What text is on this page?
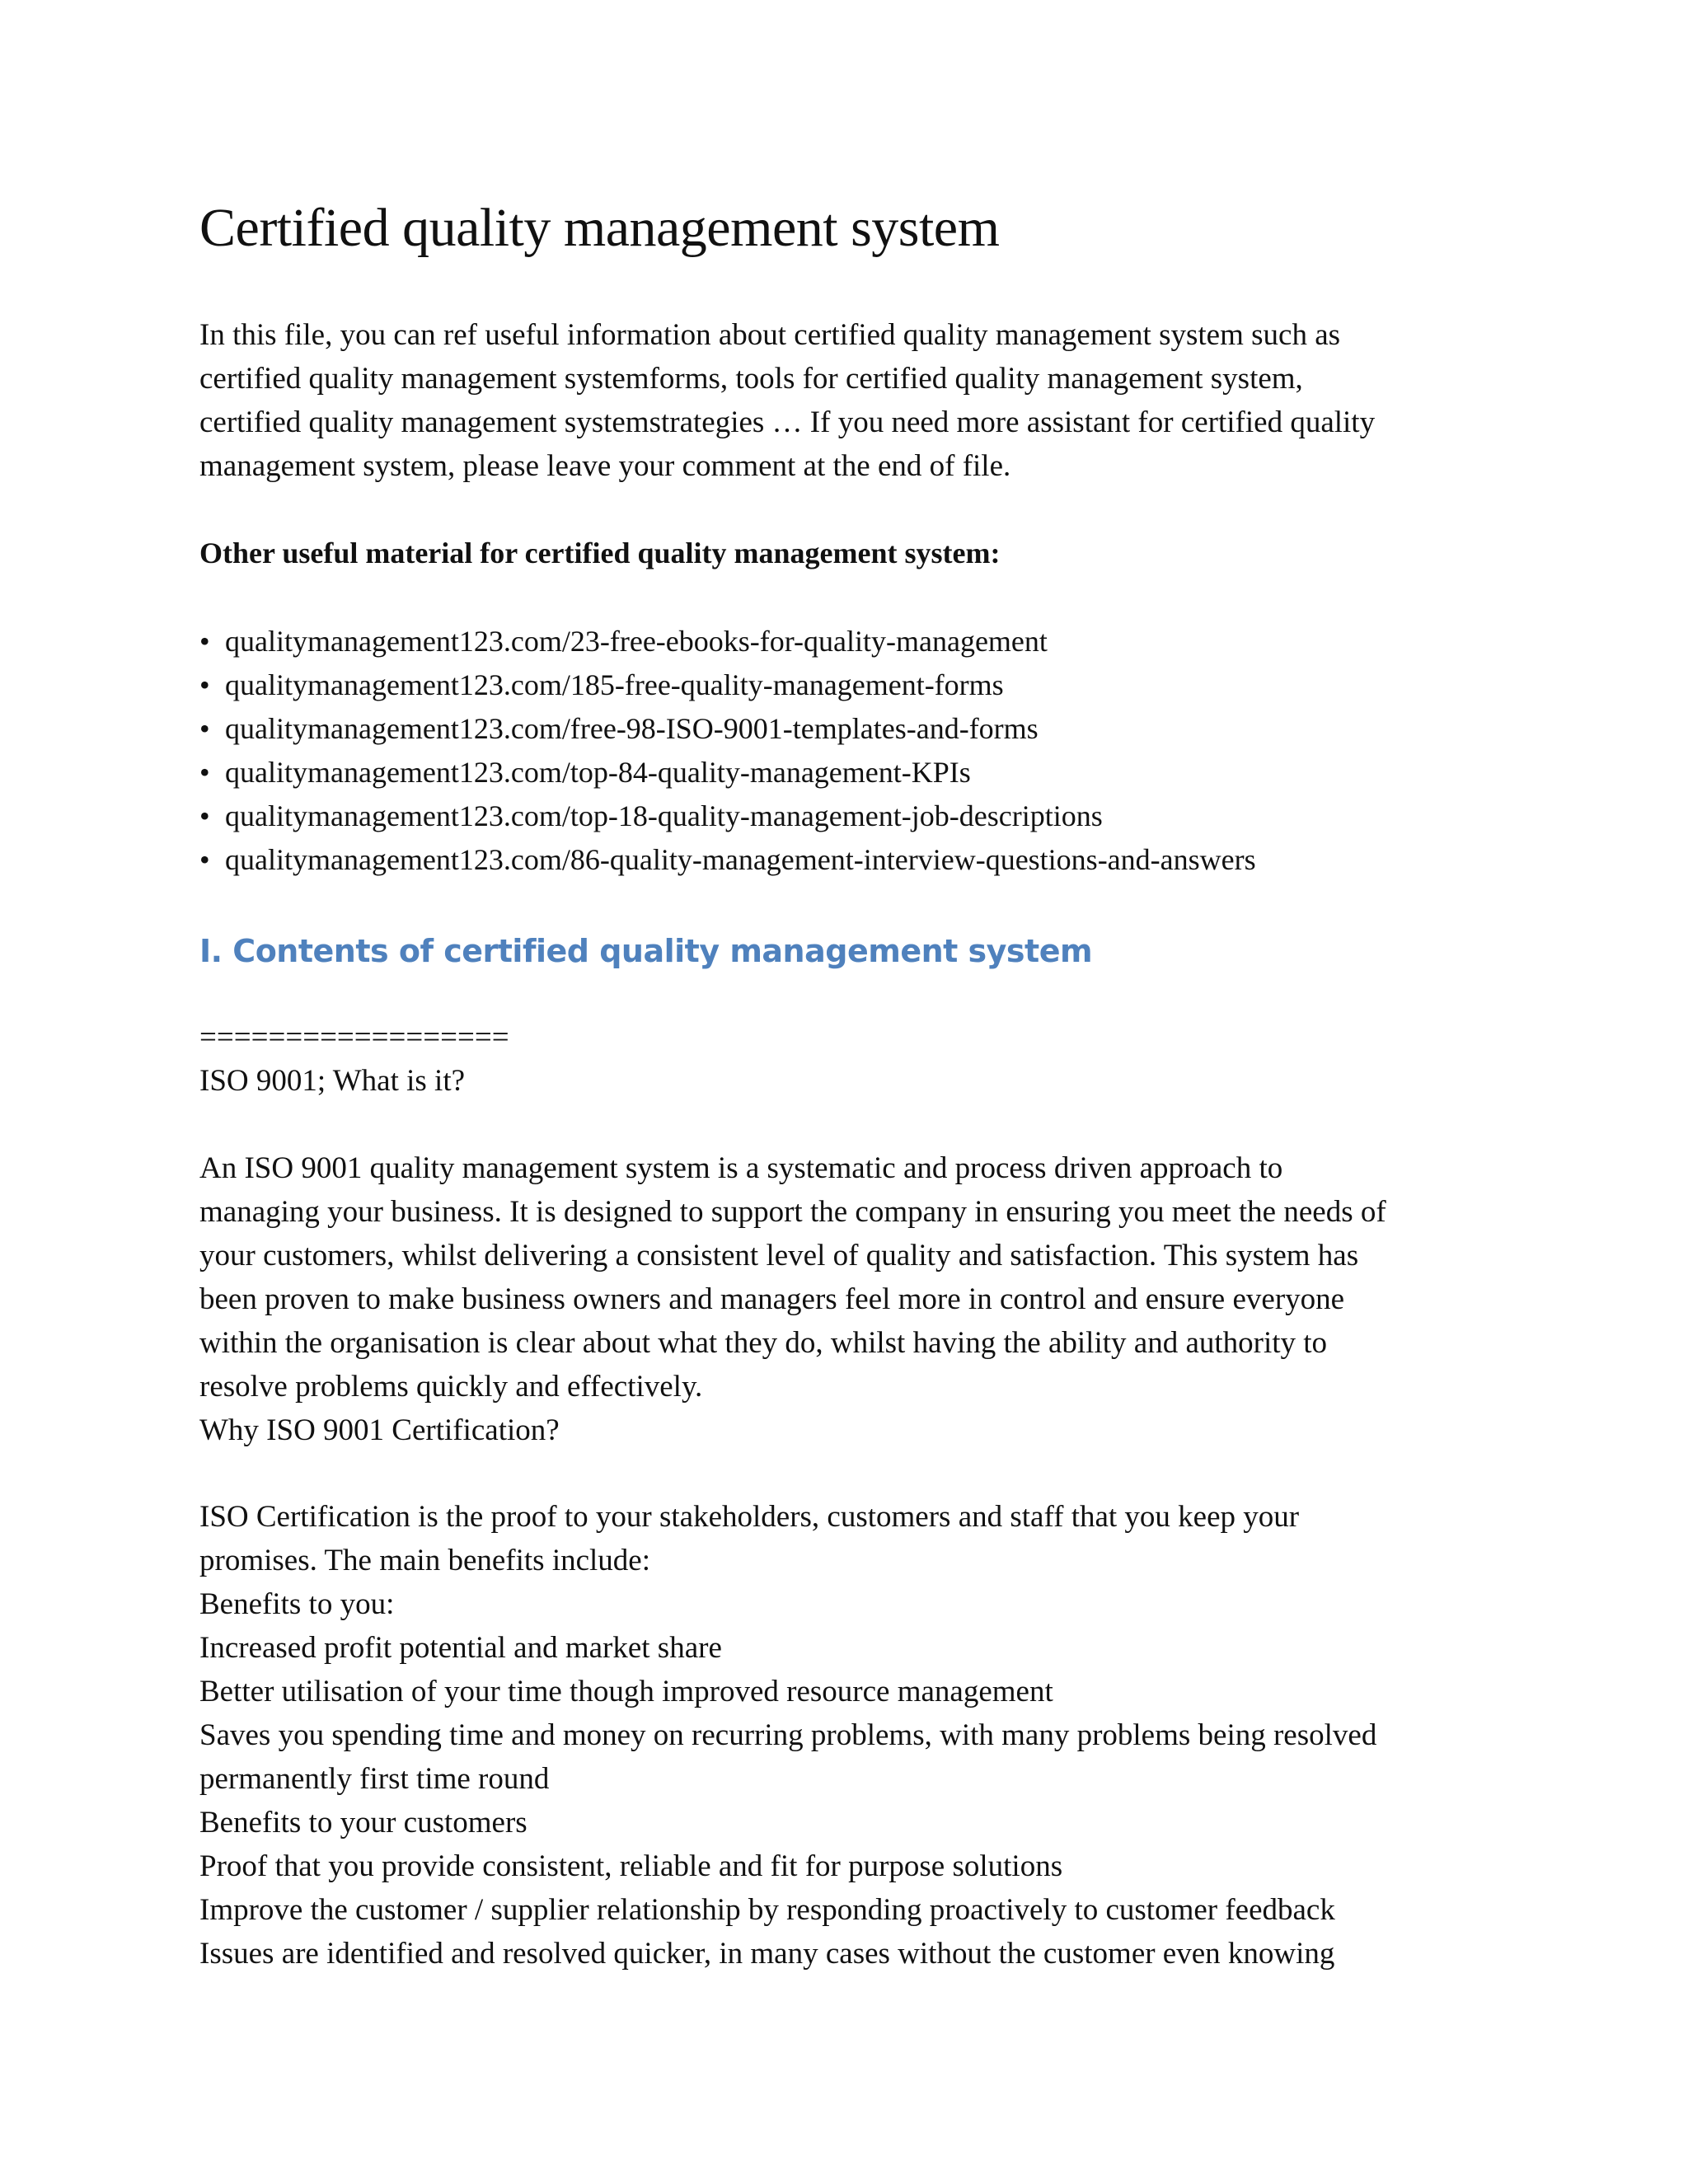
Certified quality management system
In this file, you can ref useful information about certified quality management system such as
certified quality management systemforms, tools for certified quality management system,
certified quality management systemstrategies … If you need more assistant for certified quality
management system, please leave your comment at the end of file.
Other useful material for certified quality management system:
• qualitymanagement123.com/23-free-ebooks-for-quality-management
• qualitymanagement123.com/185-free-quality-management-forms
• qualitymanagement123.com/free-98-ISO-9001-templates-and-forms
• qualitymanagement123.com/top-84-quality-management-KPIs
• qualitymanagement123.com/top-18-quality-management-job-descriptions
• qualitymanagement123.com/86-quality-management-interview-questions-and-answers
I. Contents of certified quality management system
==================
ISO 9001; What is it?
An ISO 9001 quality management system is a systematic and process driven approach to
managing your business. It is designed to support the company in ensuring you meet the needs of
your customers, whilst delivering a consistent level of quality and satisfaction. This system has
been proven to make business owners and managers feel more in control and ensure everyone
within the organisation is clear about what they do, whilst having the ability and authority to
resolve problems quickly and effectively.
Why ISO 9001 Certification?
ISO Certification is the proof to your stakeholders, customers and staff that you keep your
promises. The main benefits include:
Benefits to you:
Increased profit potential and market share
Better utilisation of your time though improved resource management
Saves you spending time and money on recurring problems, with many problems being resolved
permanently first time round
Benefits to your customers
Proof that you provide consistent, reliable and fit for purpose solutions
Improve the customer / supplier relationship by responding proactively to customer feedback
Issues are identified and resolved quicker, in many cases without the customer even knowing
